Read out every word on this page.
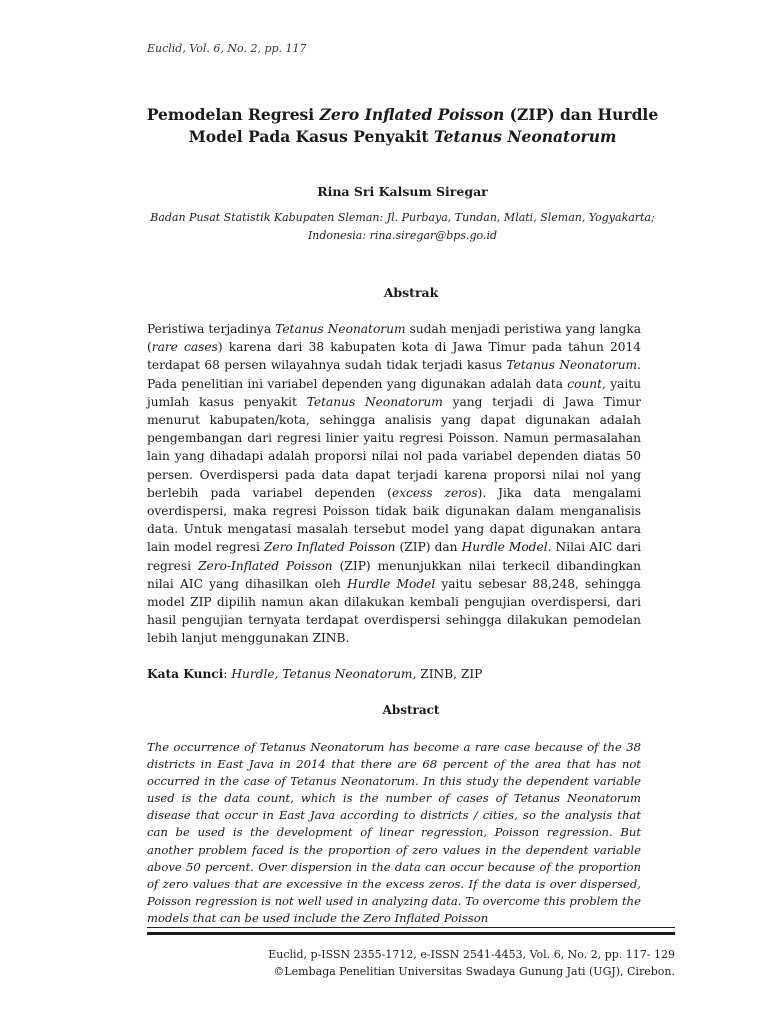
Euclid, Vol. 6, No. 2, pp. 117
Pemodelan Regresi Zero Inflated Poisson (ZIP) dan Hurdle
Model Pada Kasus Penyakit Tetanus Neonatorum
Rina Sri Kalsum Siregar
Badan Pusat Statistik Kabupaten Sleman: Jl. Purbaya, Tundan, Mlati, Sleman, Yogyakarta;
Indonesia: rina.siregar@bps.go.id
Abstrak
Peristiwa terjadinya Tetanus Neonatorum sudah menjadi peristiwa yang langka (rare cases) karena dari 38 kabupaten kota di Jawa Timur pada tahun 2014 terdapat 68 persen wilayahnya sudah tidak terjadi kasus Tetanus Neonatorum. Pada penelitian ini variabel dependen yang digunakan adalah data count, yaitu jumlah kasus penyakit Tetanus Neonatorum yang terjadi di Jawa Timur menurut kabupaten/kota, sehingga analisis yang dapat digunakan adalah pengembangan dari regresi linier yaitu regresi Poisson. Namun permasalahan lain yang dihadapi adalah proporsi nilai nol pada variabel dependen diatas 50 persen. Overdispersi pada data dapat terjadi karena proporsi nilai nol yang berlebih pada variabel dependen (excess zeros). Jika data mengalami overdispersi, maka regresi Poisson tidak baik digunakan dalam menganalisis data. Untuk mengatasi masalah tersebut model yang dapat digunakan antara lain model regresi Zero Inflated Poisson (ZIP) dan Hurdle Model. Nilai AIC dari regresi Zero-Inflated Poisson (ZIP) menunjukkan nilai terkecil dibandingkan nilai AIC yang dihasilkan oleh Hurdle Model yaitu sebesar 88,248, sehingga model ZIP dipilih namun akan dilakukan kembali pengujian overdispersi, dari hasil pengujian ternyata terdapat overdispersi sehingga dilakukan pemodelan lebih lanjut menggunakan ZINB.
Kata Kunci: Hurdle, Tetanus Neonatorum, ZINB, ZIP
Abstract
The occurrence of Tetanus Neonatorum has become a rare case because of the 38 districts in East Java in 2014 that there are 68 percent of the area that has not occurred in the case of Tetanus Neonatorum. In this study the dependent variable used is the data count, which is the number of cases of Tetanus Neonatorum disease that occur in East Java according to districts / cities, so the analysis that can be used is the development of linear regression, Poisson regression. But another problem faced is the proportion of zero values in the dependent variable above 50 percent. Over dispersion in the data can occur because of the proportion of zero values that are excessive in the excess zeros. If the data is over dispersed, Poisson regression is not well used in analyzing data. To overcome this problem the models that can be used include the Zero Inflated Poisson
Euclid, p-ISSN 2355-1712, e-ISSN 2541-4453, Vol. 6, No. 2, pp. 117- 129
©Lembaga Penelitian Universitas Swadaya Gunung Jati (UGJ), Cirebon.
